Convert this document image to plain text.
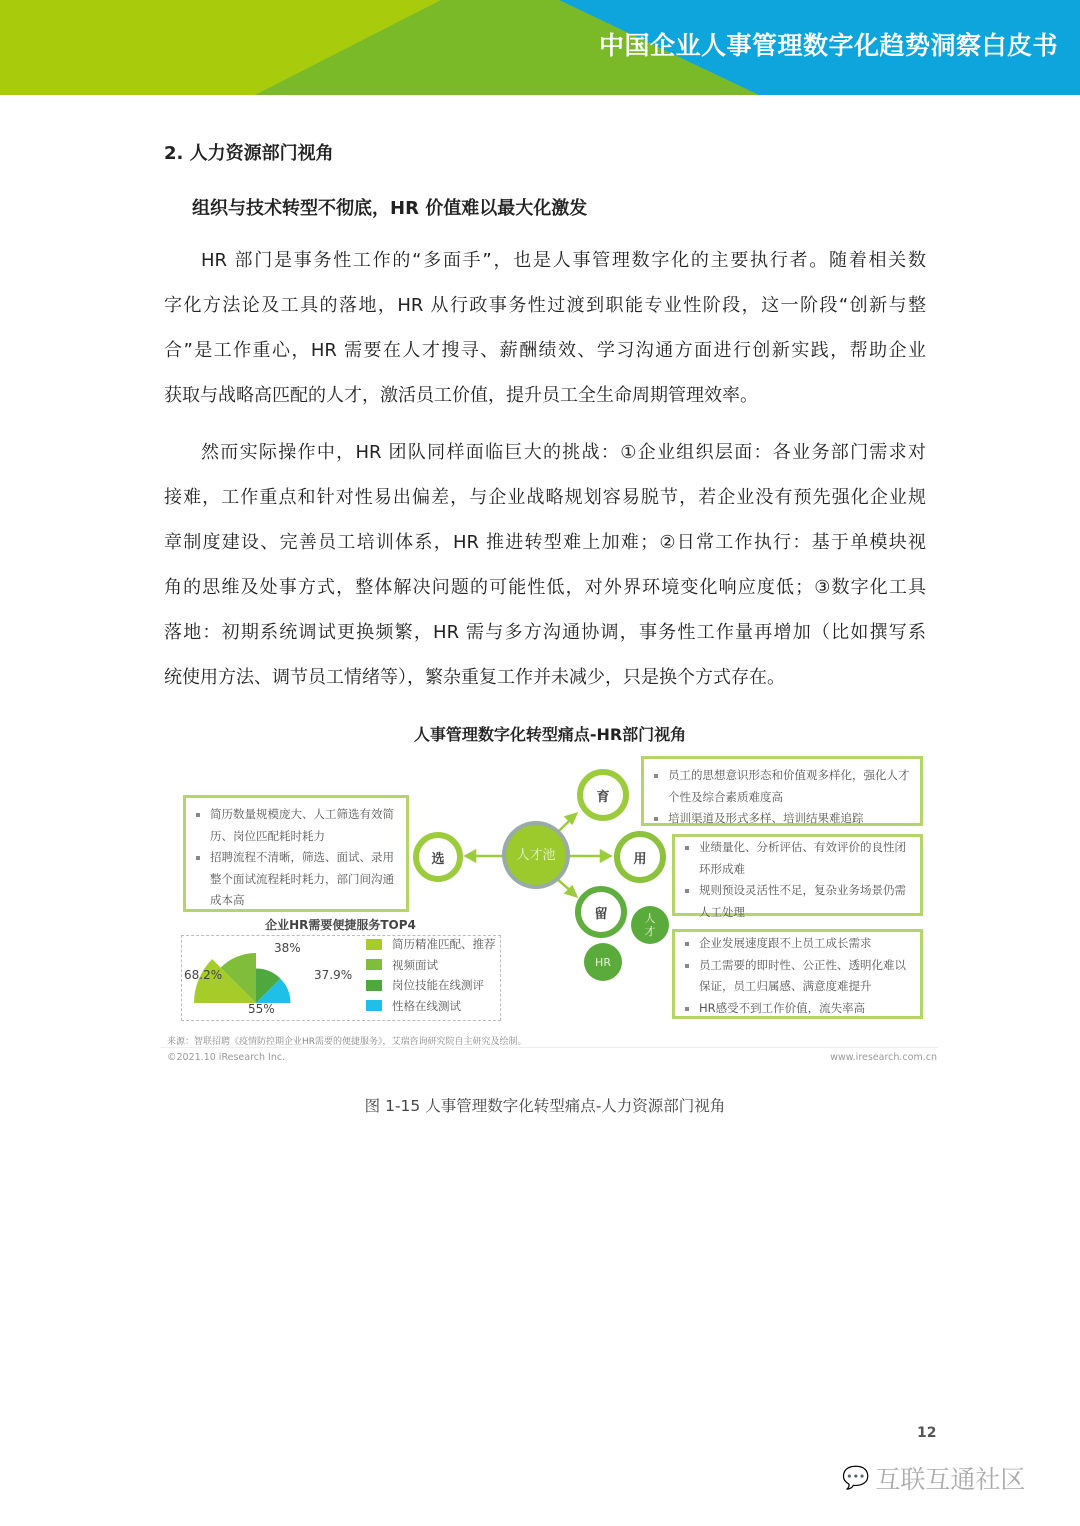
中国企业人事管理数字化趋势洞察白皮书
2. 人力资源部门视角
组织与技术转型不彻底，HR 价值难以最大化激发
HR 部门是事务性工作的“多面手”，也是人事管理数字化的主要执行者。随着相关数
字化方法论及工具的落地，HR 从行政事务性过渡到职能专业性阶段，这一阶段“创新与整
合”是工作重心，HR 需要在人才搜寻、薪酬绩效、学习沟通方面进行创新实践，帮助企业
获取与战略高匹配的人才，激活员工价值，提升员工全生命周期管理效率。
然而实际操作中，HR 团队同样面临巨大的挑战：①企业组织层面：各业务部门需求对
接难，工作重点和针对性易出偏差，与企业战略规划容易脱节，若企业没有预先强化企业规
章制度建设、完善员工培训体系，HR 推进转型难上加难；②日常工作执行：基于单模块视
角的思维及处事方式，整体解决问题的可能性低，对外界环境变化响应度低；③数字化工具
落地：初期系统调试更换频繁，HR 需与多方沟通协调，事务性工作量再增加（比如撰写系
统使用方法、调节员工情绪等），繁杂重复工作并未减少，只是换个方式存在。
人事管理数字化转型痛点-HR部门视角
简历数量规模庞大、人工筛选有效简历、岗位匹配耗时耗力
招聘流程不清晰，筛选、面试、录用整个面试流程耗时耗力，部门间沟通成本高
员工的思想意识形态和价值观多样化，强化人才个性及综合素质难度高
培训渠道及形式多样、培训结果难追踪
业绩量化、分析评估、有效评价的良性闭环形成难
规则预设灵活性不足，复杂业务场景仍需人工处理
企业发展速度跟不上员工成长需求
员工需要的即时性、公正性、透明化难以保证，员工归属感、满意度难提升
HR感受不到工作价值，流失率高
选	人才池
育
用
留	人才
HR
企业HR需要便捷服务TOP4
68.2%
55%
38%
37.9%
简历精准匹配、推荐
视频面试
岗位技能在线测评
性格在线测试
来源：智联招聘《疫情防控期企业HR需要的便捷服务》，艾瑞咨询研究院自主研究及绘制。
©2021.10 iResearch Inc.	www.iresearch.com.cn
图 1-15 人事管理数字化转型痛点-人力资源部门视角
12
💬 互联互通社区
